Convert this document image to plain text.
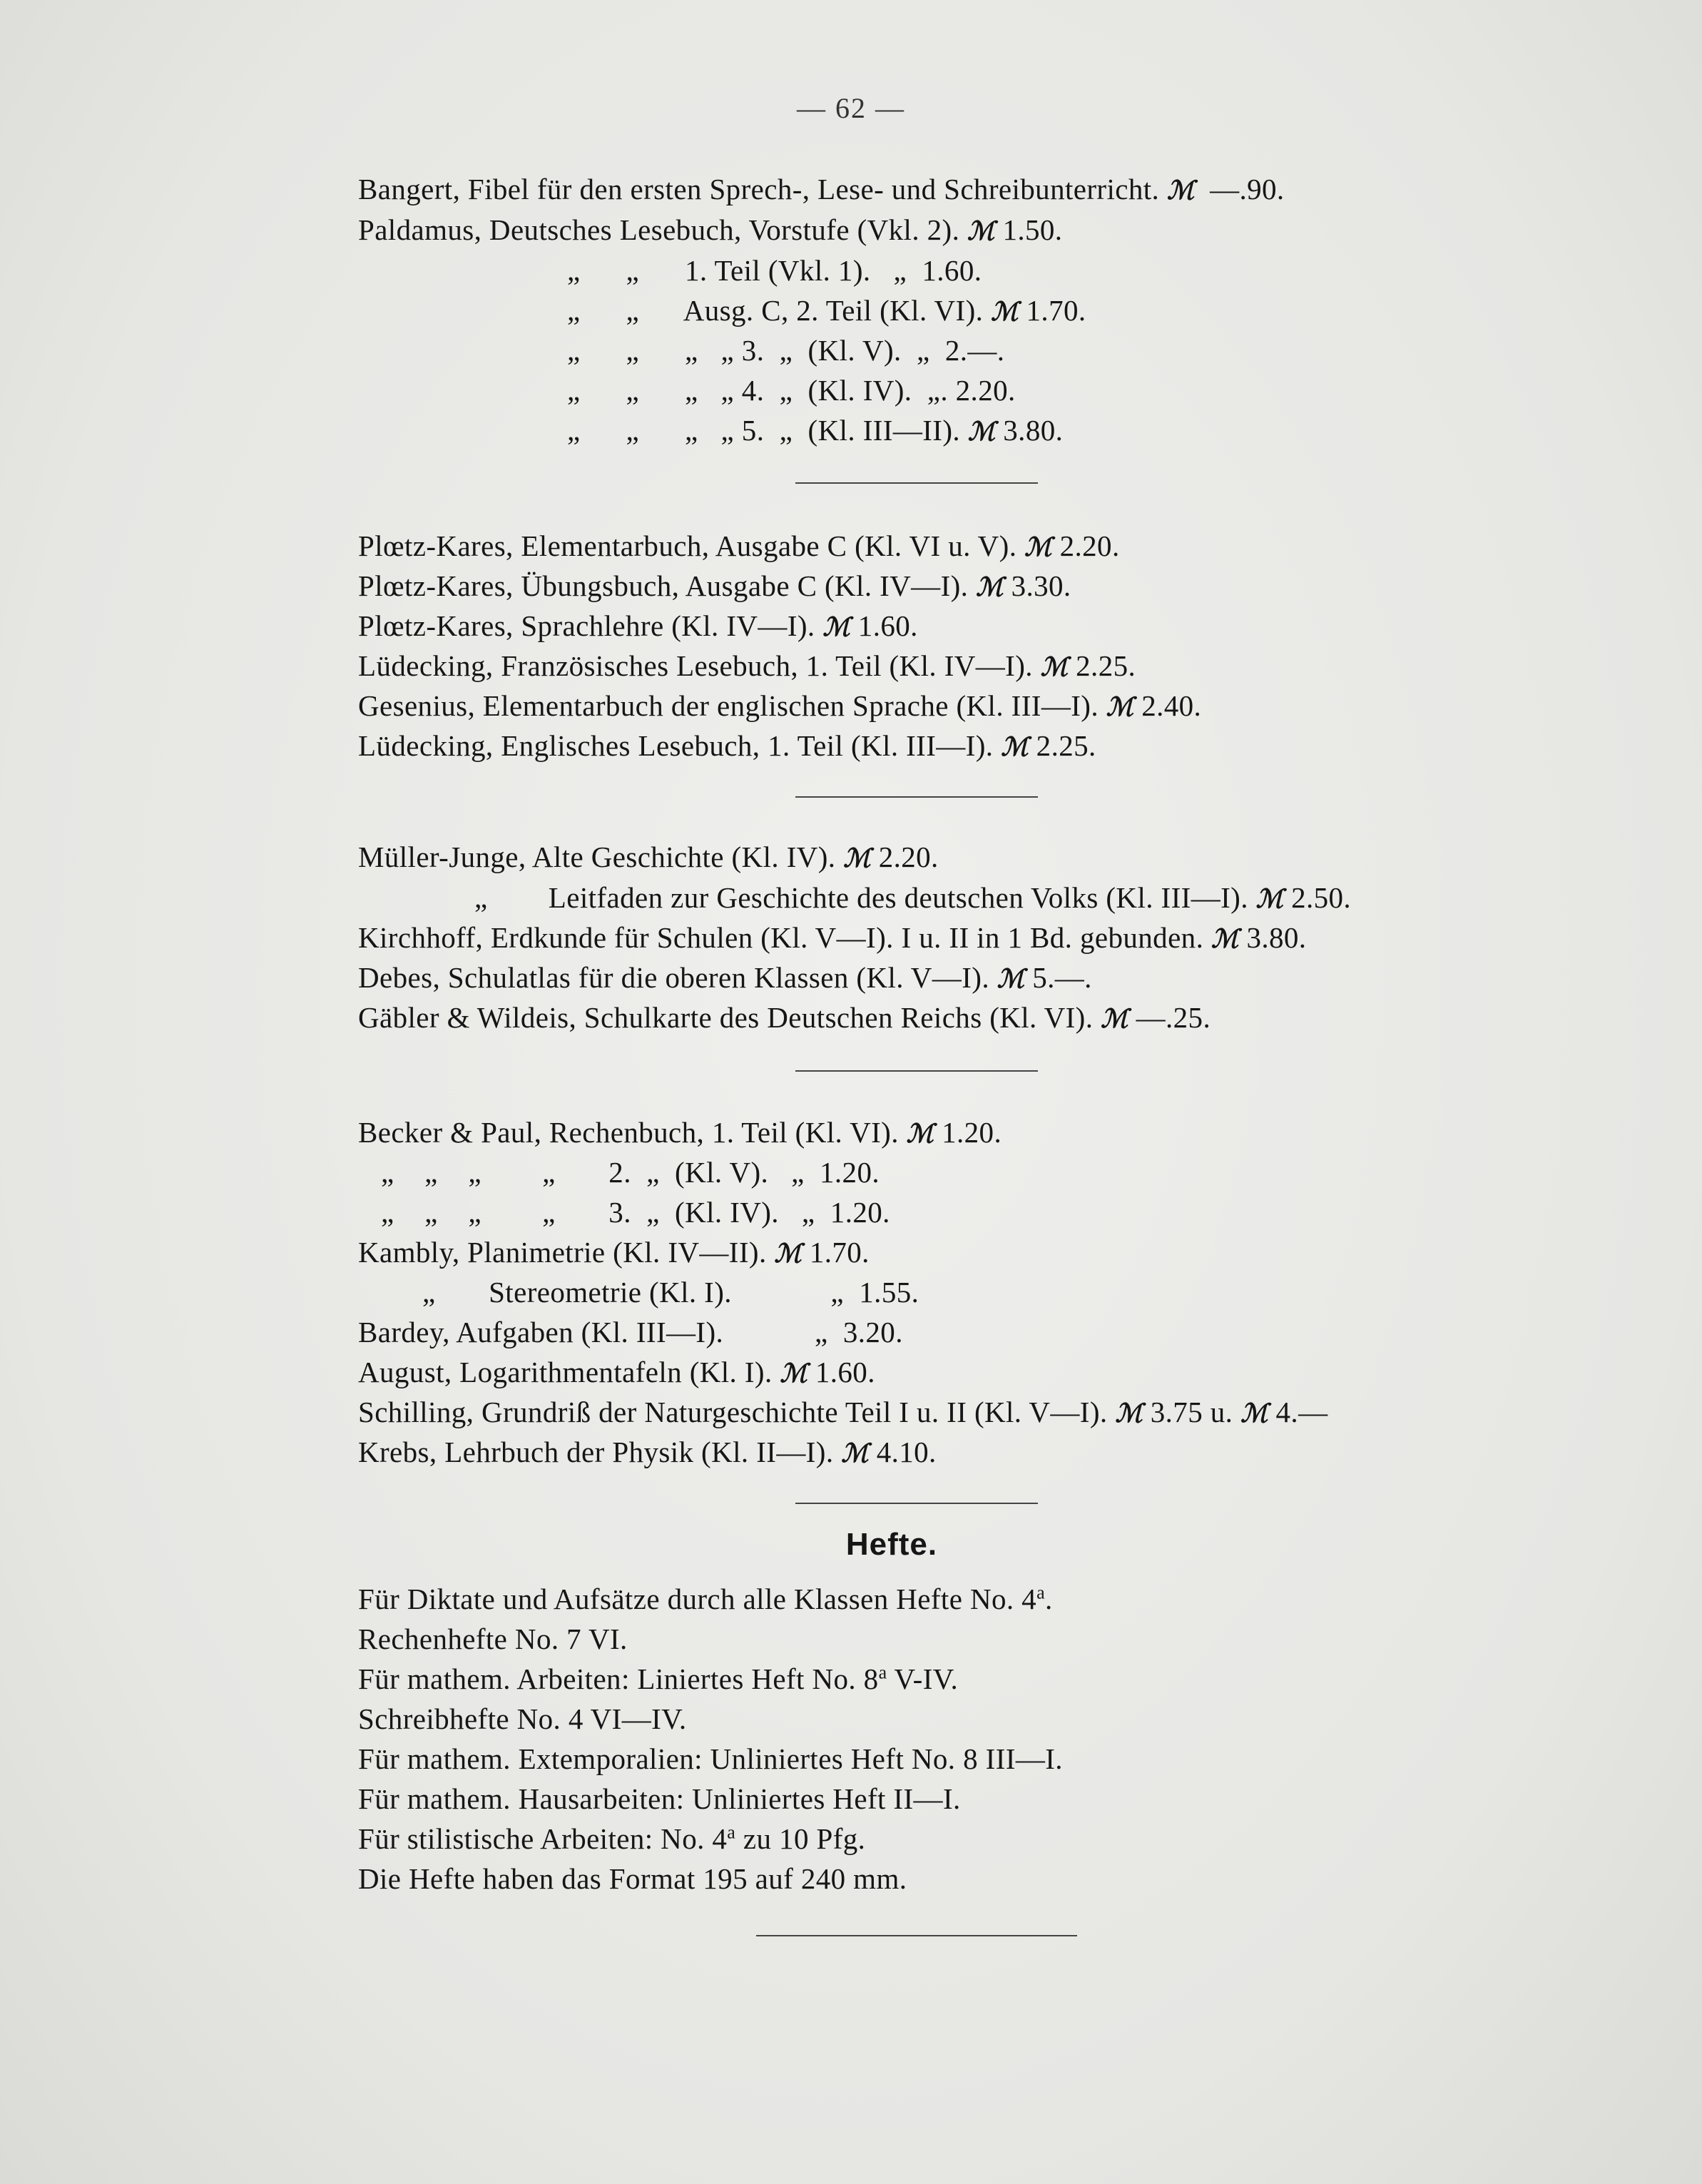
— 62 —
Bangert, Fibel für den ersten Sprech-, Lese- und Schreibunterricht. ℳ —.90.
Paldamus, Deutsches Lesebuch, Vorstufe (Vkl. 2). ℳ 1.50.
„      „      1. Teil (Vkl. 1).   „  1.60.
„      „      Ausg. C, 2. Teil (Kl. VI). ℳ 1.70.
„      „      „   „ 3.  „  (Kl. V).  „  2.—.
„      „      „   „ 4.  „  (Kl. IV).  „. 2.20.
„      „      „   „ 5.  „  (Kl. III—II). ℳ 3.80.
Plœtz-Kares, Elementarbuch, Ausgabe C (Kl. VI u. V). ℳ 2.20.
Plœtz-Kares, Übungsbuch, Ausgabe C (Kl. IV—I). ℳ 3.30.
Plœtz-Kares, Sprachlehre (Kl. IV—I). ℳ 1.60.
Lüdecking, Französisches Lesebuch, 1. Teil (Kl. IV—I). ℳ 2.25.
Gesenius, Elementarbuch der englischen Sprache (Kl. III—I). ℳ 2.40.
Lüdecking, Englisches Lesebuch, 1. Teil (Kl. III—I). ℳ 2.25.
Müller-Junge, Alte Geschichte (Kl. IV). ℳ 2.20.
„        Leitfaden zur Geschichte des deutschen Volks (Kl. III—I). ℳ 2.50.
Kirchhoff, Erdkunde für Schulen (Kl. V—I). I u. II in 1 Bd. gebunden. ℳ 3.80.
Debes, Schulatlas für die oberen Klassen (Kl. V—I). ℳ 5.—.
Gäbler & Wildeis, Schulkarte des Deutschen Reichs (Kl. VI). ℳ —.25.
Becker & Paul, Rechenbuch, 1. Teil (Kl. VI). ℳ 1.20.
„    „    „        „       2.  „  (Kl. V).   „  1.20.
„    „    „        „       3.  „  (Kl. IV).   „  1.20.
Kambly, Planimetrie (Kl. IV—II). ℳ 1.70.
„       Stereometrie (Kl. I).             „  1.55.
Bardey, Aufgaben (Kl. III—I).            „  3.20.
August, Logarithmentafeln (Kl. I). ℳ 1.60.
Schilling, Grundriß der Naturgeschichte Teil I u. II (Kl. V—I). ℳ 3.75 u. ℳ 4.—
Krebs, Lehrbuch der Physik (Kl. II—I). ℳ 4.10.
Hefte.
Für Diktate und Aufsätze durch alle Klassen Hefte No. 4$^a$.
Rechenhefte No. 7 VI.
Für mathem. Arbeiten: Liniertes Heft No. 8$^a$ V-IV.
Schreibhefte No. 4 VI—IV.
Für mathem. Extemporalien: Unliniertes Heft No. 8 III—I.
Für mathem. Hausarbeiten: Unliniertes Heft II—I.
Für stilistische Arbeiten: No. 4$^a$ zu 10 Pfg.
Die Hefte haben das Format 195 auf 240 mm.
